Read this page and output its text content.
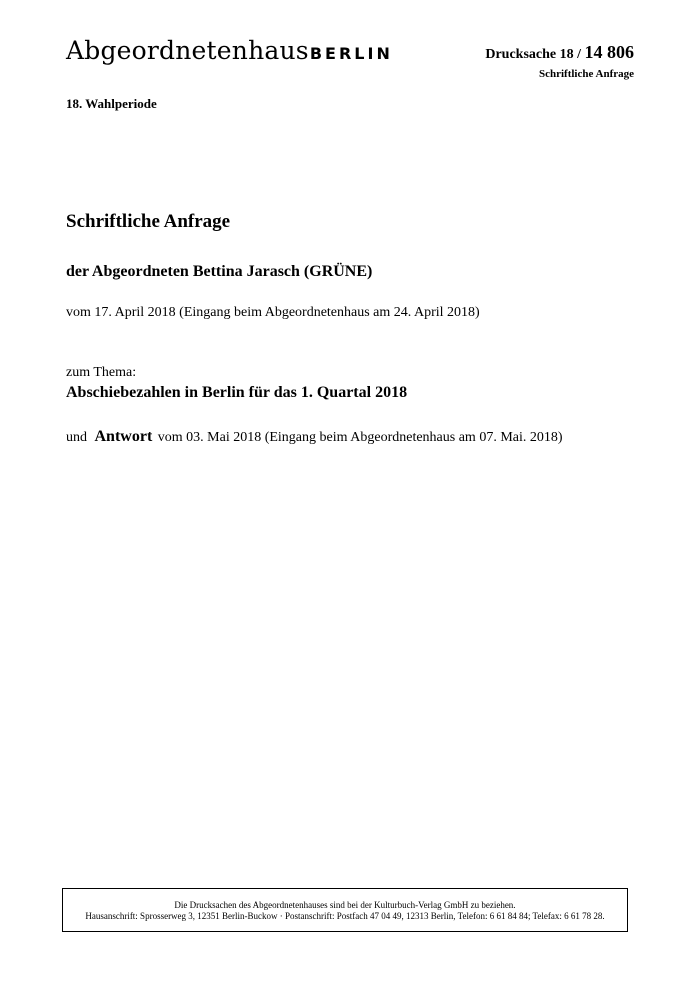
AbgeordnetenhausBERLIN	Drucksache 18 / 14 806
Schriftliche Anfrage
18. Wahlperiode
Schriftliche Anfrage
der Abgeordneten Bettina Jarasch (GRÜNE)
vom 17. April 2018 (Eingang beim Abgeordnetenhaus am 24. April 2018)
zum Thema:
Abschiebezahlen in Berlin für das 1. Quartal 2018
und Antwort vom 03. Mai 2018 (Eingang beim Abgeordnetenhaus am 07. Mai. 2018)
Die Drucksachen des Abgeordnetenhauses sind bei der Kulturbuch-Verlag GmbH zu beziehen.
Hausanschrift: Sprosserweg 3, 12351 Berlin-Buckow · Postanschrift: Postfach 47 04 49, 12313 Berlin, Telefon: 6 61 84 84; Telefax: 6 61 78 28.
